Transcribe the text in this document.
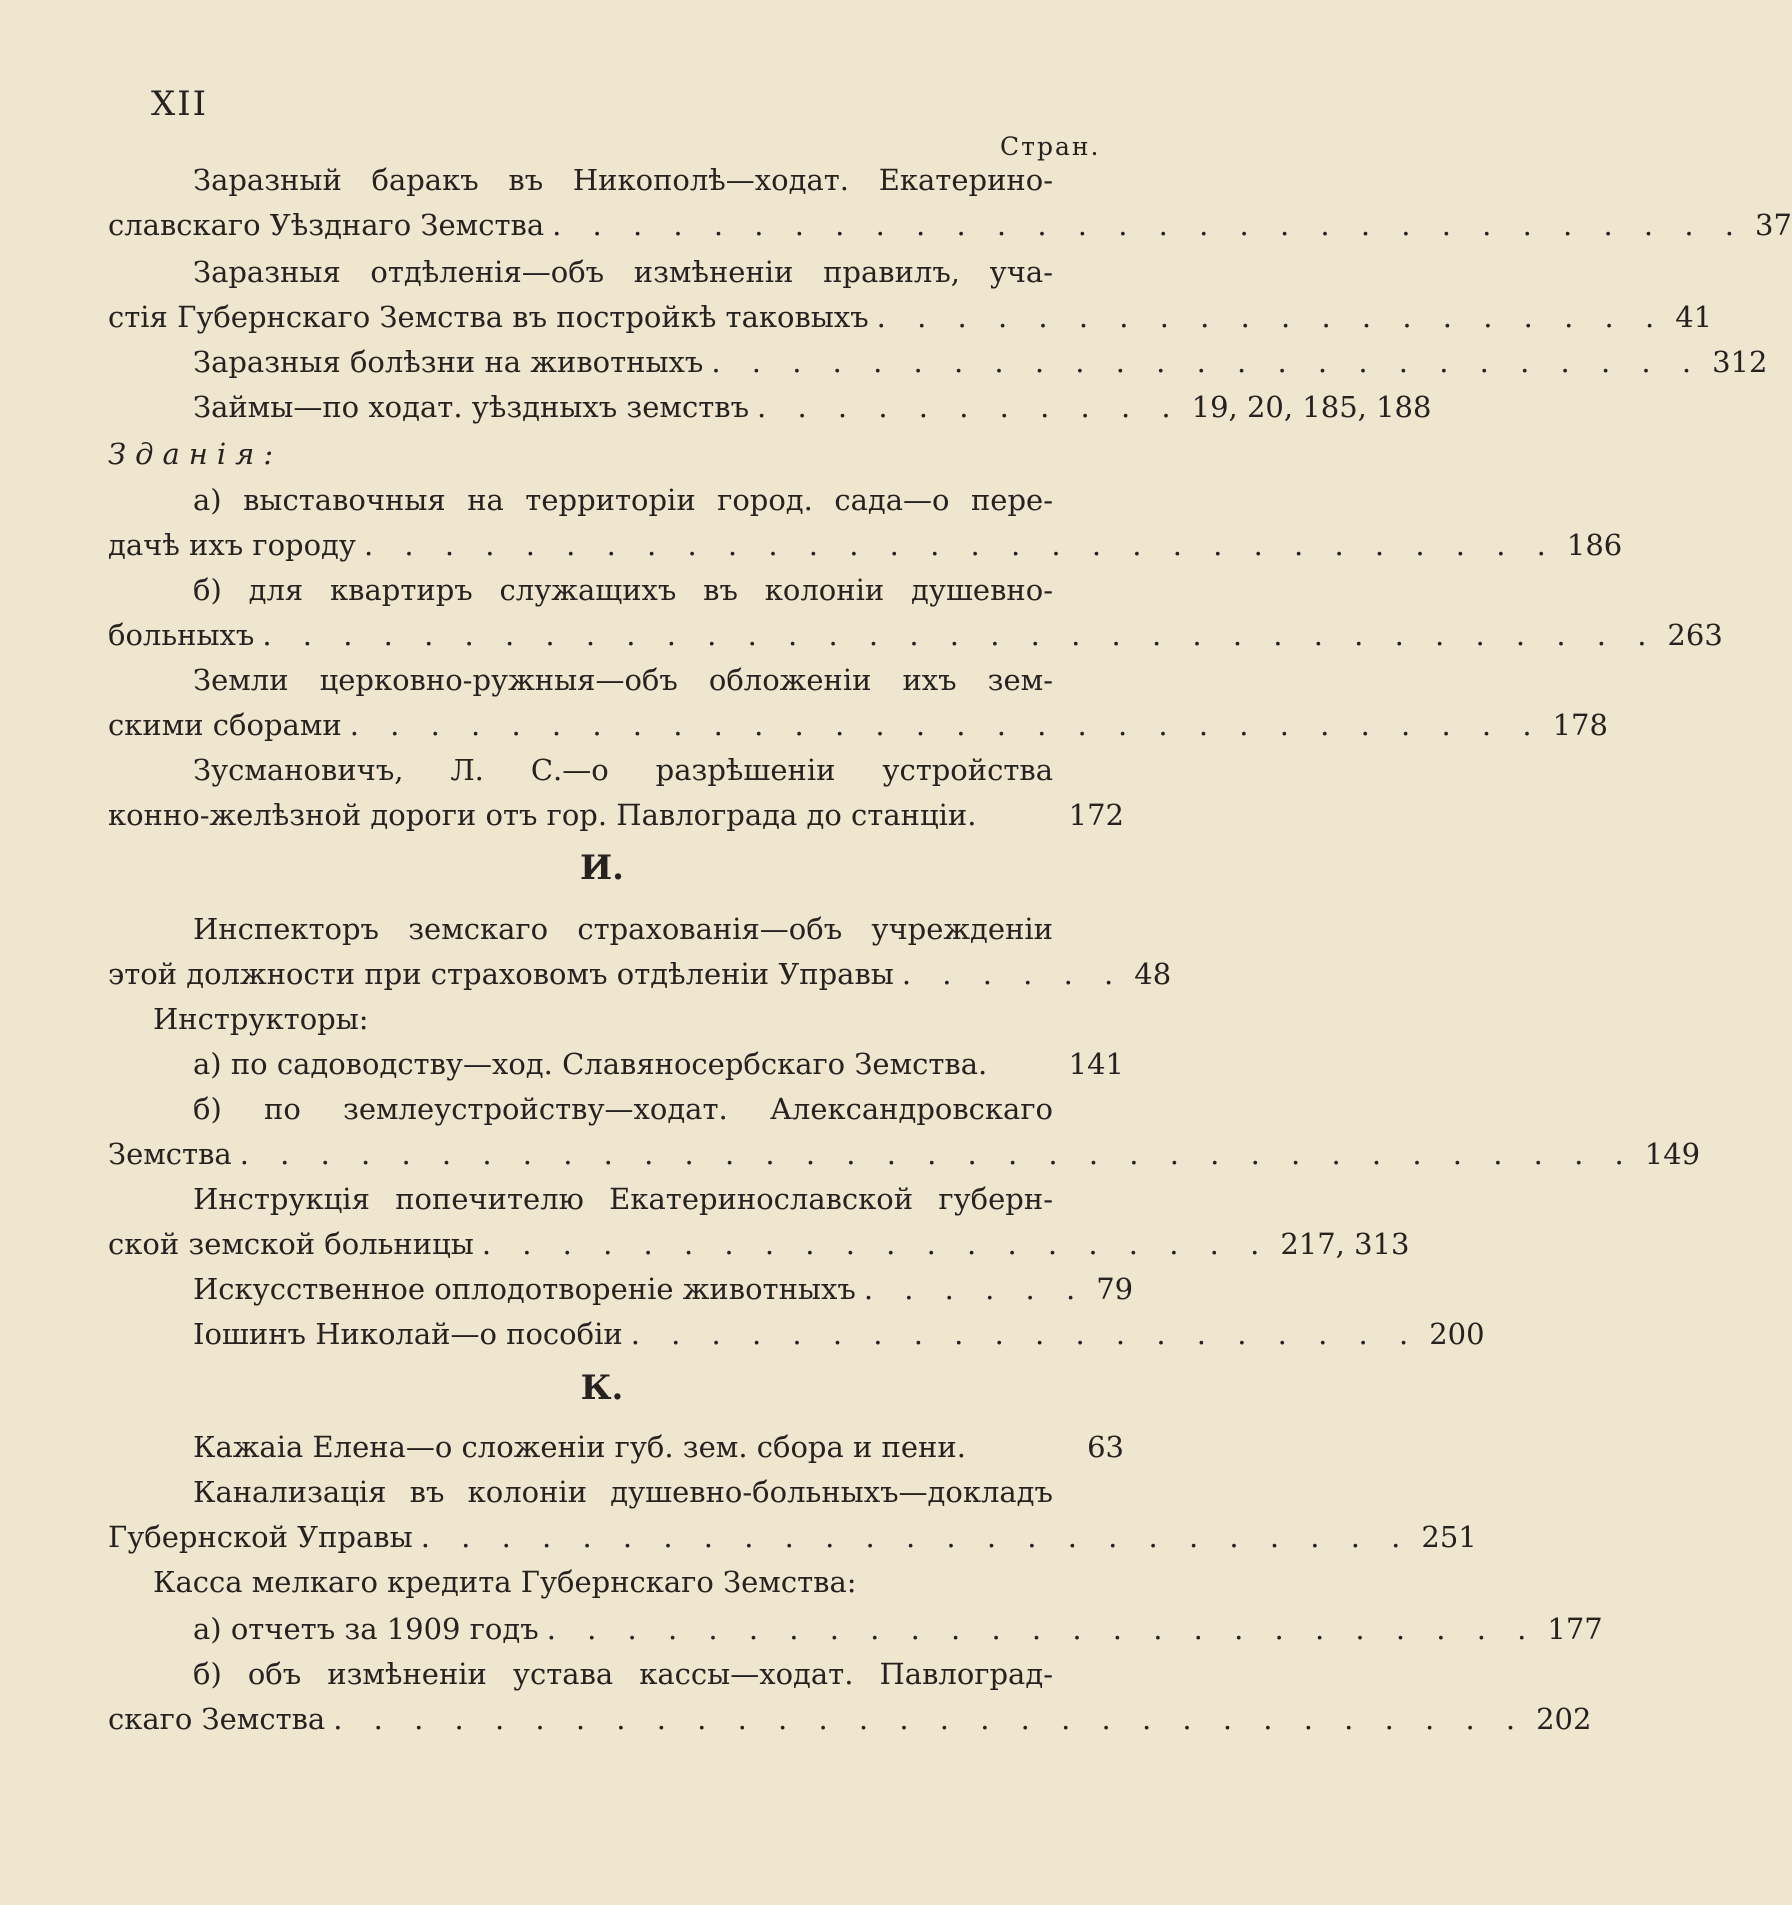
XII
Стран.
Заразный баракъ въ Никополѣ—ходат. Екатерино-
славскаго Уѣзднаго Земства . . . . . . . . . . . . . . . . . . . . . . . . . . . . . . 37
Заразныя отдѣленія—объ измѣненіи правилъ, уча-
стія Губернскаго Земства въ постройкѣ таковыхъ . . . . . . . . . . . . . . . . . . . . 41
Заразныя болѣзни на животныхъ . . . . . . . . . . . . . . . . . . . . . . . . . 312
Займы—по ходат. уѣздныхъ земствъ . . . . . . . . . . . 19, 20, 185, 188
Зданія:
а) выставочныя на территоріи город. сада—о пере-
дачѣ ихъ городу . . . . . . . . . . . . . . . . . . . . . . . . . . . . . . 186
б) для квартиръ служащихъ въ колоніи душевно-
больныхъ . . . . . . . . . . . . . . . . . . . . . . . . . . . . . . . . . . . 263
Земли церковно-ружныя—объ обложеніи ихъ зем-
скими сборами . . . . . . . . . . . . . . . . . . . . . . . . . . . . . . 178
Зусмановичъ, Л. С.—о разрѣшеніи устройства
конно-желѣзной дороги отъ гор. Павлограда до станціи.	172
И.
Инспекторъ земскаго страхованія—объ учрежденіи
этой должности при страховомъ отдѣленіи Управы . . . . . . 48
Инструкторы:
а) по садоводству—ход. Славяносербскаго Земства.	141
б) по землеустройству—ходат. Александровскаго
Земства . . . . . . . . . . . . . . . . . . . . . . . . . . . . . . . . . . . 149
Инструкція попечителю Екатеринославской губерн-
ской земской больницы . . . . . . . . . . . . . . . . . . . . 217, 313
Искусственное оплодотвореніе животныхъ . . . . . . 79
Іошинъ Николай—о пособіи . . . . . . . . . . . . . . . . . . . . 200
К.
Кажаіа Елена—о сложеніи губ. зем. сбора и пени.	63
Канализація въ колоніи душевно-больныхъ—докладъ
Губернской Управы . . . . . . . . . . . . . . . . . . . . . . . . . 251
Касса мелкаго кредита Губернскаго Земства:
а) отчетъ за 1909 годъ . . . . . . . . . . . . . . . . . . . . . . . . . 177
б) объ измѣненіи устава кассы—ходат. Павлоград-
скаго Земства . . . . . . . . . . . . . . . . . . . . . . . . . . . . . . 202
